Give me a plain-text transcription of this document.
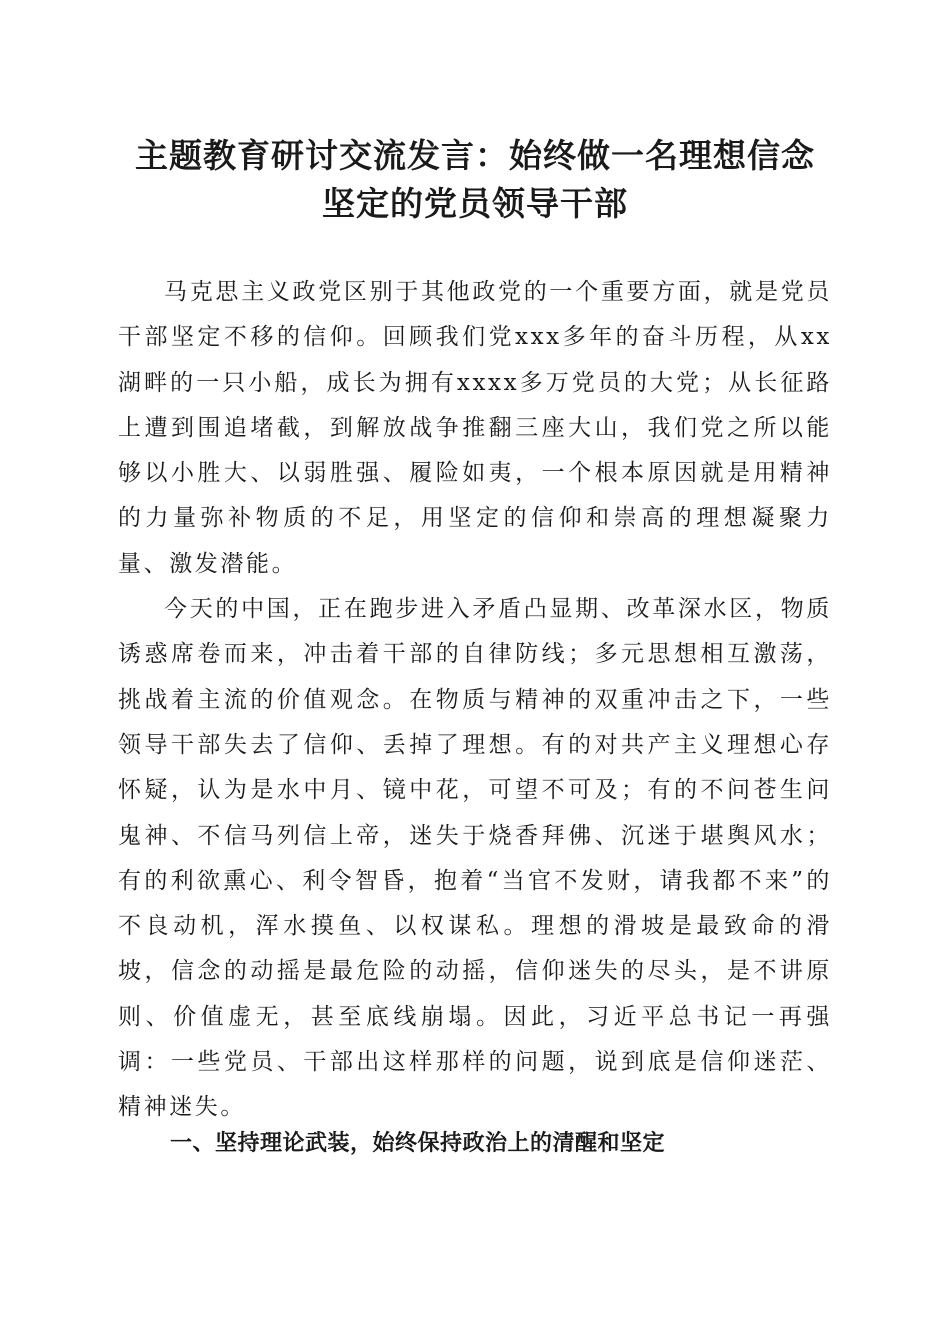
主题教育研讨交流发言：始终做一名理想信念
坚定的党员领导干部

马克思主义政党区别于其他政党的一个重要方面，就是党员干部坚定不移的信仰。回顾我们党xxx多年的奋斗历程，从xx湖畔的一只小船，成长为拥有xxxx多万党员的大党；从长征路上遭到围追堵截，到解放战争推翻三座大山，我们党之所以能够以小胜大、以弱胜强、履险如夷，一个根本原因就是用精神的力量弥补物质的不足，用坚定的信仰和崇高的理想凝聚力量、激发潜能。

今天的中国，正在跑步进入矛盾凸显期、改革深水区，物质诱惑席卷而来，冲击着干部的自律防线；多元思想相互激荡，挑战着主流的价值观念。在物质与精神的双重冲击之下，一些领导干部失去了信仰、丢掉了理想。有的对共产主义理想心存怀疑，认为是水中月、镜中花，可望不可及；有的不问苍生问鬼神、不信马列信上帝，迷失于烧香拜佛、沉迷于堪舆风水；有的利欲熏心、利令智昏，抱着“当官不发财，请我都不来”的不良动机，浑水摸鱼、以权谋私。理想的滑坡是最致命的滑坡，信念的动摇是最危险的动摇，信仰迷失的尽头，是不讲原则、价值虚无，甚至底线崩塌。因此，习近平总书记一再强调：一些党员、干部出这样那样的问题，说到底是信仰迷茫、精神迷失。

一、坚持理论武装，始终保持政治上的清醒和坚定
